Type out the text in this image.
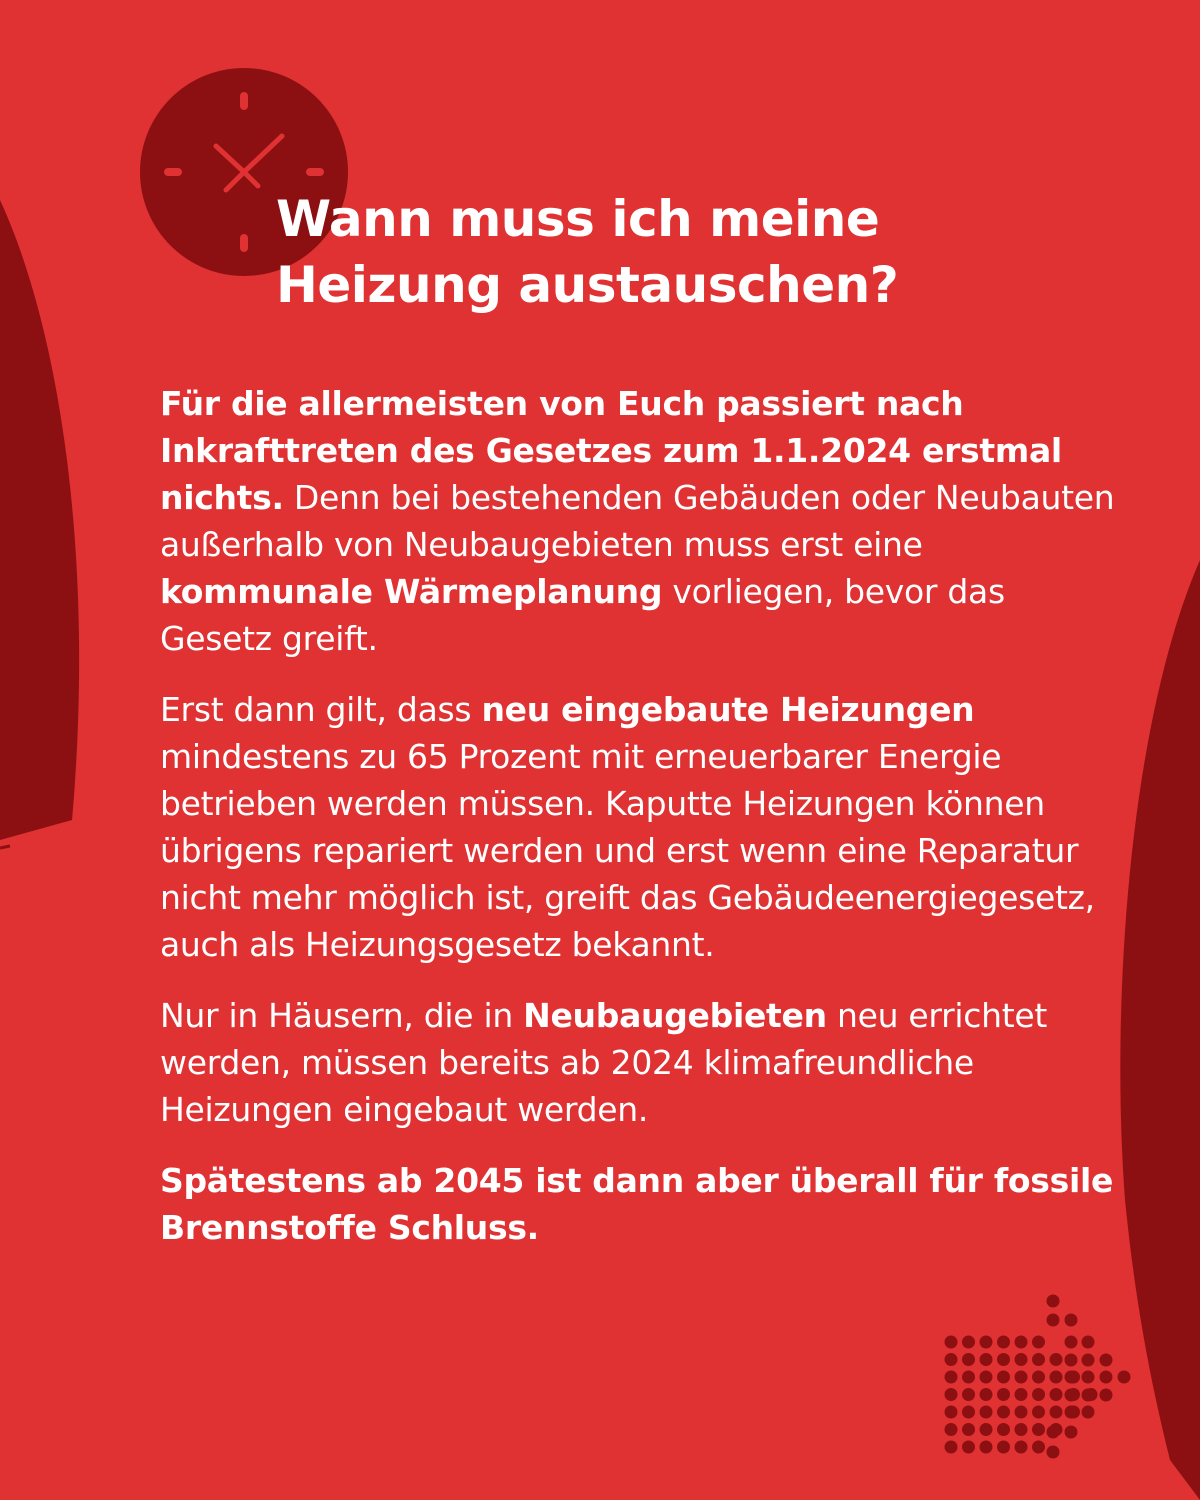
Wann muss ich meine
Heizung austauschen?

Für die allermeisten von Euch passiert nach Inkrafttreten des Gesetzes zum 1.1.2024 erstmal nichts. Denn bei bestehenden Gebäuden oder Neubauten außerhalb von Neubaugebieten muss erst eine kommunale Wärmeplanung vorliegen, bevor das Gesetz greift.

Erst dann gilt, dass neu eingebaute Heizungen mindestens zu 65 Prozent mit erneuerbarer Energie betrieben werden müssen. Kaputte Heizungen können übrigens repariert werden und erst wenn eine Reparatur nicht mehr möglich ist, greift das Gebäudeenergiegesetz, auch als Heizungsgesetz bekannt.

Nur in Häusern, die in Neubaugebieten neu errichtet werden, müssen bereits ab 2024 klimafreundliche Heizungen eingebaut werden.

Spätestens ab 2045 ist dann aber überall für fossile Brennstoffe Schluss.
